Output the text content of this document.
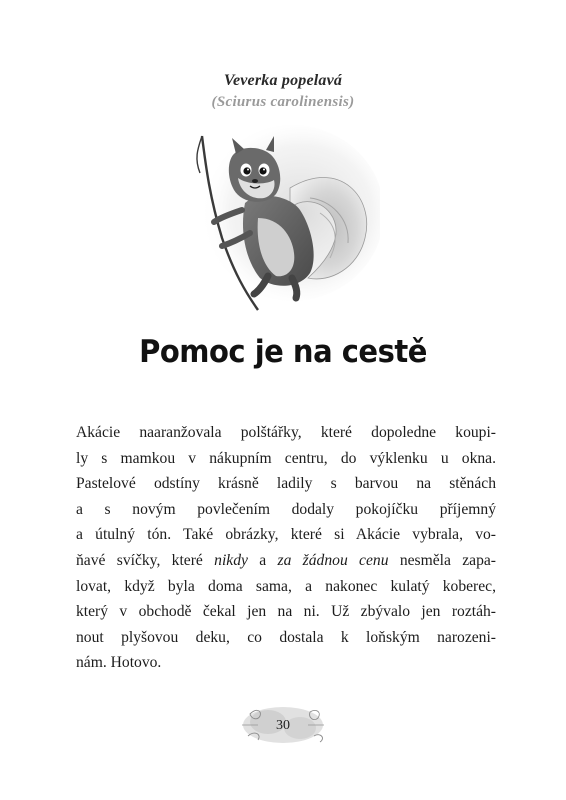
Veverka popelavá
(Sciurus carolinensis)
Pomoc je na cestě
Akácie naaranžovala polštářky, které dopoledne koupi-
ly s mamkou v nákupním centru, do výklenku u okna.
Pastelové odstíny krásně ladily s barvou na stěnách
a s novým povlečením dodaly pokojíčku příjemný
a útulný tón. Také obrázky, které si Akácie vybrala, vo-
ňavé svíčky, které nikdy a za žádnou cenu nesměla zapa-
lovat, když byla doma sama, a nakonec kulatý koberec,
který v obchodě čekal jen na ni. Už zbývalo jen roztáh-
nout plyšovou deku, co dostala k loňským narozeni-
nám. Hotovo.
30
